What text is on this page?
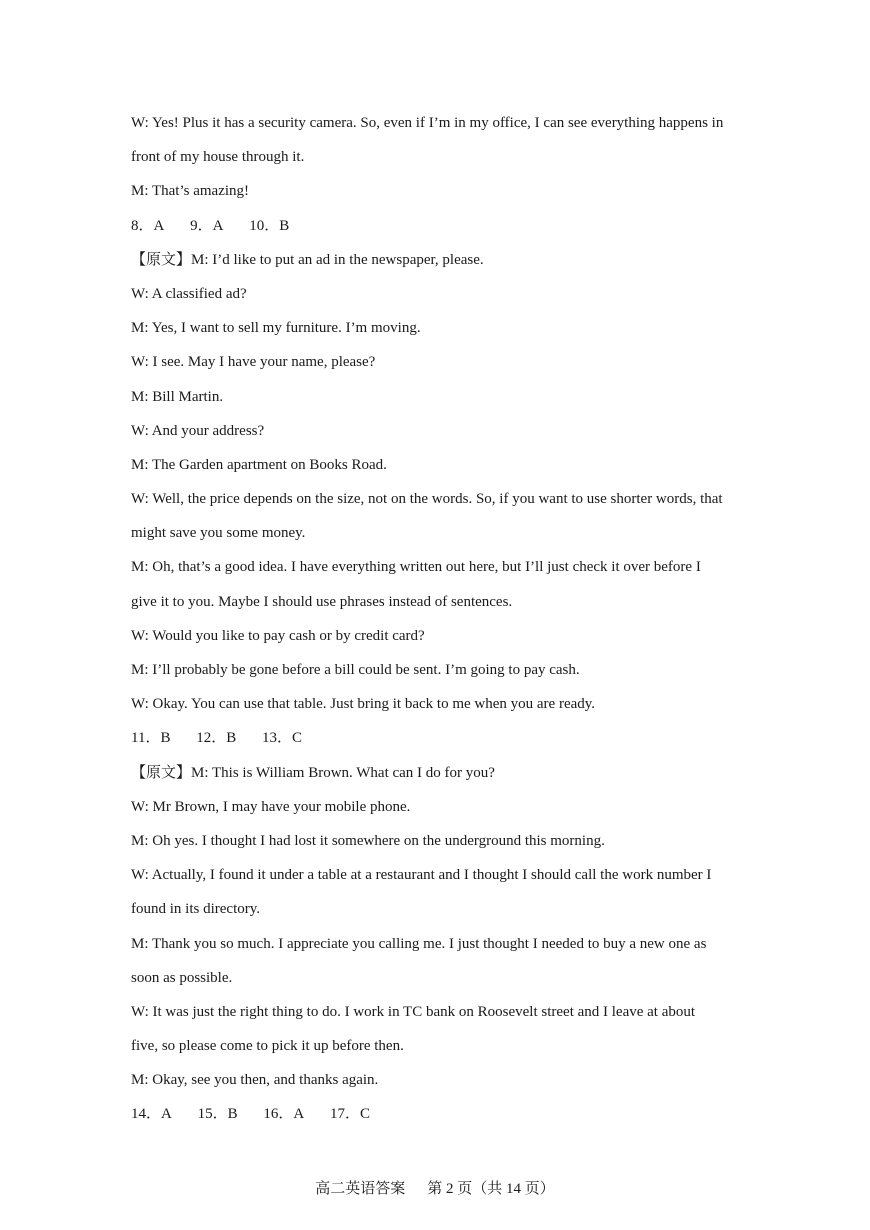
W: Yes! Plus it has a security camera. So, even if I’m in my office, I can see everything happens in
front of my house through it.
M: That’s amazing!
8．A 9．A 10．B
【原文】M: I’d like to put an ad in the newspaper, please.
W: A classified ad?
M: Yes, I want to sell my furniture. I’m moving.
W: I see. May I have your name, please?
M: Bill Martin.
W: And your address?
M: The Garden apartment on Books Road.
W: Well, the price depends on the size, not on the words. So, if you want to use shorter words, that
might save you some money.
M: Oh, that’s a good idea. I have everything written out here, but I’ll just check it over before I
give it to you. Maybe I should use phrases instead of sentences.
W: Would you like to pay cash or by credit card?
M: I’ll probably be gone before a bill could be sent. I’m going to pay cash.
W: Okay. You can use that table. Just bring it back to me when you are ready.
11．B 12．B 13．C
【原文】M: This is William Brown. What can I do for you?
W: Mr Brown, I may have your mobile phone.
M: Oh yes. I thought I had lost it somewhere on the underground this morning.
W: Actually, I found it under a table at a restaurant and I thought I should call the work number I
found in its directory.
M: Thank you so much. I appreciate you calling me. I just thought I needed to buy a new one as
soon as possible.
W: It was just the right thing to do. I work in TC bank on Roosevelt street and I leave at about
five, so please come to pick it up before then.
M: Okay, see you then, and thanks again.
14．A 15．B 16．A 17．C
高二英语答案 第 2 页（共 14 页）
